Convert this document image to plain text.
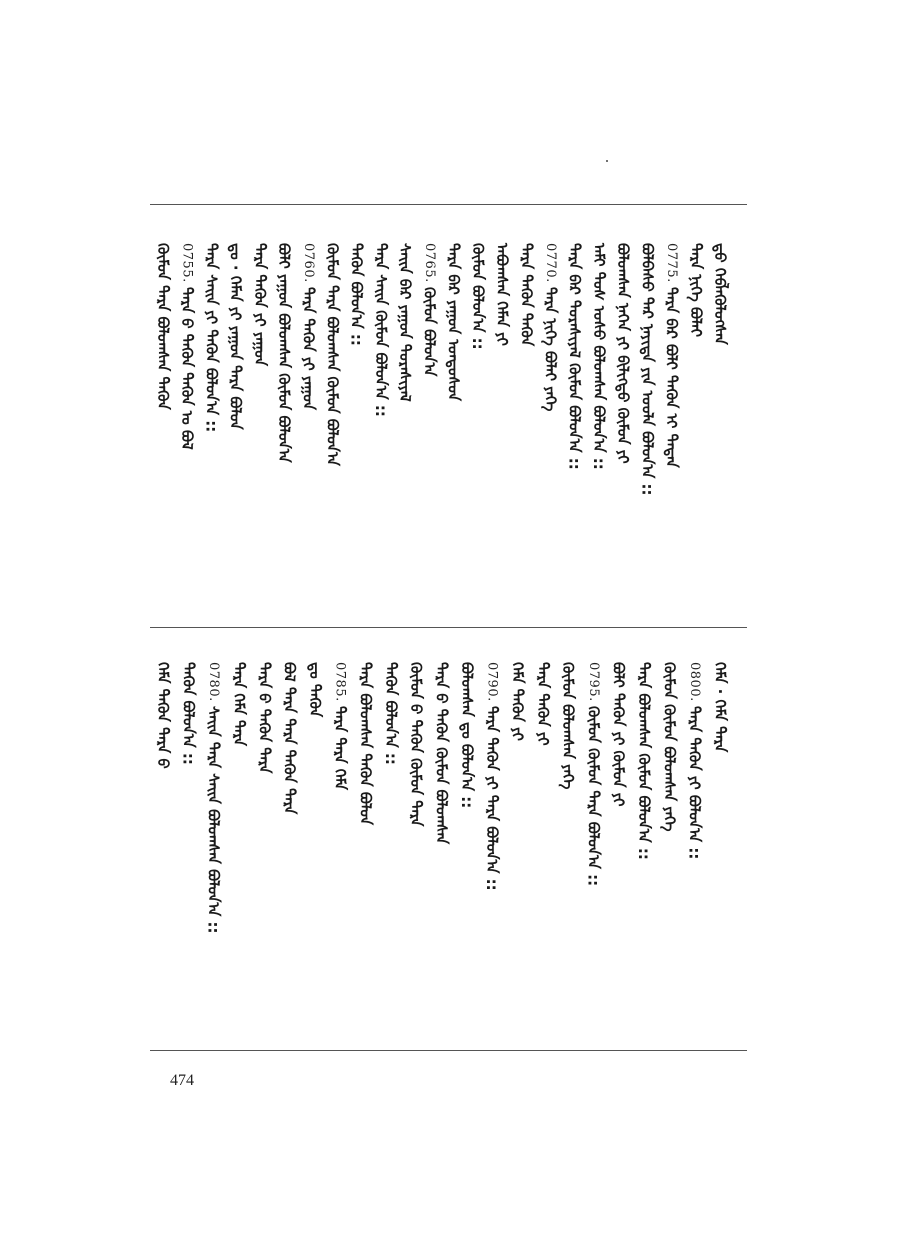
ᠳ᠋ᠤ ᠬᠡᠪᠯᠡᠭᠦᠯᠦᠭᠰᠡᠨ
ᠲᠡᠷᠡ ᠨᠢᠭᠡ ᠪᠣᠯᠠᠢ
0775.
ᠲᠡᠷᠡ ᠪᠡᠷ ᠪᠣᠯᠢ ᠲᠡᠭᠦᠨ ᠢ ᠲᠡᠳᠡᠨ
ᠪᠣᠯᠪᠠᠰᠤ ᠲᠡᠷ ᠨᠡᠶᠢᠲᠡ ᠶᠢᠨ ᠤᠤᠯᠠ ᠪᠣᠯᠤᠨ᠎ᠠ ::
ᠪᠤᠯᠤᠭᠰᠠᠨ ᠨᠡᠭᠡᠨ ᠶᠢ ᠪᠢᠯᠢᠭᠲᠦ ᠬᠦᠮᠦᠨ ᠶᠢ
ᠠᠮᠢ ᠲᠤᠰ ᠤᠰᠤ ᠪᠣᠯᠣᠭᠰᠠᠨ ᠪᠣᠯᠤᠨ᠎ᠠ ::
ᠲᠡᠷᠡ ᠪᠡᠷ ᠳᠤᠷᠠᠰᠢᠶᠠᠯ ᠬᠦᠮᠦᠨ ᠪᠣᠯᠤᠨ᠎ᠠ ::
0770.
ᠲᠡᠷᠡ ᠨᠢᠭᠡ ᠪᠣᠯᠠᠢ ᠶᠡᠬᠡ
ᠲᠡᠷᠡ ᠲᠡᠭᠦᠨ ᠲᠡᠭᠦᠨ
ᠠᠪᠤᠭᠰᠠᠨ ᠬᠡᠮᠡᠨ ᠶᠢ
ᠬᠦᠮᠦᠨ ᠪᠣᠯᠤᠨ᠎ᠠ ::
ᠲᠡᠷᠡ ᠪᠡᠷ ᠶᠠᠭᠤᠨ ᠤᠨᠳᠤᠰᠤᠨ
0765.
ᠬᠦᠮᠦᠨ ᠪᠣᠯᠤᠨ᠎ᠠ
ᠰᠠᠢᠨ ᠪᠡᠷ ᠶᠠᠭᠤᠨ ᠳᠤᠷᠠᠰᠢᠶᠠᠯ
ᠲᠡᠷᠡ ᠰᠠᠢᠨ ᠬᠦᠮᠦᠨ ᠪᠣᠯᠤᠨ᠎ᠠ ::
ᠲᠡᠭᠦᠨ ᠪᠣᠯᠤᠨ᠎ᠠ ::
ᠬᠦᠮᠦᠨ ᠲᠡᠷᠡ ᠪᠣᠯᠤᠭᠰᠠᠨ ᠬᠦᠮᠦᠨ ᠪᠣᠯᠤᠨ᠎ᠠ
0760.
ᠲᠡᠷᠡ ᠲᠡᠭᠦᠨ ᠶᠢ ᠶᠠᠭᠤᠨ
ᠪᠣᠯᠢ ᠶᠠᠭᠤᠨ ᠪᠣᠯᠤᠭᠰᠠᠨ ᠬᠦᠮᠦᠨ ᠪᠣᠯᠤᠨ᠎ᠠ
ᠲᠡᠷᠡ ᠲᠡᠭᠦᠨ ᠶᠢ ᠶᠠᠭᠤᠨ
ᠳᠤ · ᠬᠡᠮᠡᠨ ᠶᠢ ᠶᠠᠭᠤᠨ ᠲᠡᠷᠡ ᠪᠣᠯᠤᠨ
ᠲᠡᠷᠡ ᠰᠠᠢᠨ ᠶᠢ ᠲᠡᠭᠦᠨ ᠪᠣᠯᠤᠨ᠎ᠠ ::
0755.
ᠲᠡᠷᠡ ᠪ ᠲᠡᠭᠦᠨ ᠲᠡᠭᠦᠨ ᠤ ᠪᠣᠯ
ᠬᠦᠮᠦᠨ ᠲᠡᠷᠡ ᠪᠣᠯᠤᠭᠰᠠᠨ ᠲᠡᠭᠦᠨ
ᠬᠡᠮᠡ · ᠬᠡᠮᠡ ᠲᠡᠷᠡ
0800.
ᠲᠡᠷᠡ ᠲᠡᠭᠦᠨ ᠶᠢ ᠪᠣᠯᠤᠨ᠎ᠠ ::
ᠬᠦᠮᠦᠨ ᠬᠦᠮᠦᠨ ᠪᠣᠯᠤᠭᠰᠠᠨ ᠶᠡᠬᠡ
ᠲᠡᠷᠡ ᠪᠣᠯᠤᠭᠰᠠᠨ ᠬᠦᠮᠦᠨ ᠪᠣᠯᠤᠨ᠎ᠠ ::
ᠪᠣᠯᠢ ᠲᠡᠭᠦᠨ ᠶᠢ ᠬᠦᠮᠦᠨ ᠶᠢ
0795.
ᠬᠦᠮᠦᠨ ᠬᠦᠮᠦᠨ ᠲᠡᠷᠡ ᠪᠣᠯᠤᠨ᠎ᠠ ::
ᠬᠦᠮᠦᠨ ᠪᠣᠯᠤᠭᠰᠠᠨ ᠶᠡᠬᠡ
ᠲᠡᠷᠡ ᠲᠡᠭᠦᠨ ᠶᠢ
ᠬᠡᠮᠡ ᠲᠡᠭᠦᠨ ᠶᠢ
0790.
ᠲᠡᠷᠡ ᠲᠡᠭᠦᠨ ᠶᠢ ᠲᠡᠷᠡ ᠪᠣᠯᠤᠨ᠎ᠠ ::
ᠪᠣᠯᠤᠭᠰᠠᠨ ᠳᠤ ᠪᠣᠯᠤᠨ᠎ᠠ ::
ᠲᠡᠷᠡ ᠪ ᠲᠡᠭᠦᠨ ᠬᠦᠮᠦᠨ ᠪᠣᠯᠤᠭᠰᠠᠨ
ᠬᠦᠮᠦᠨ ᠪ ᠲᠡᠭᠦᠨ ᠬᠦᠮᠦᠨ ᠲᠡᠷᠡ
ᠲᠡᠭᠦᠨ ᠪᠣᠯᠤᠨ᠎ᠠ ::
ᠲᠡᠷᠡ ᠪᠣᠯᠤᠭᠰᠠᠨ ᠲᠡᠭᠦᠨ ᠪᠣᠯᠤᠨ
0785.
ᠲᠡᠷᠡ ᠲᠡᠷᠡ ᠬᠡᠮᠡ
ᠳᠤ ᠲᠡᠭᠦᠨ
ᠪᠣᠯ ᠲᠡᠷᠡ ᠲᠡᠷᠡ ᠲᠡᠭᠦᠨ ᠲᠡᠷᠡ
ᠲᠡᠷᠡ ᠪ ᠲᠡᠭᠦᠨ ᠲᠡᠷᠡ
ᠲᠡᠷᠡ ᠬᠡᠮᠡ ᠲᠡᠷᠡ
0780.
ᠰᠠᠢᠨ ᠲᠡᠷᠡ ᠰᠠᠢᠨ ᠪᠣᠯᠤᠭᠰᠠᠨ ᠪᠣᠯᠤᠨ᠎ᠠ ::
ᠲᠡᠭᠦᠨ ᠪᠣᠯᠤᠨ᠎ᠠ ::
ᠬᠡᠮᠡ ᠲᠡᠭᠦᠨ ᠲᠡᠷᠡ ᠪ
474
